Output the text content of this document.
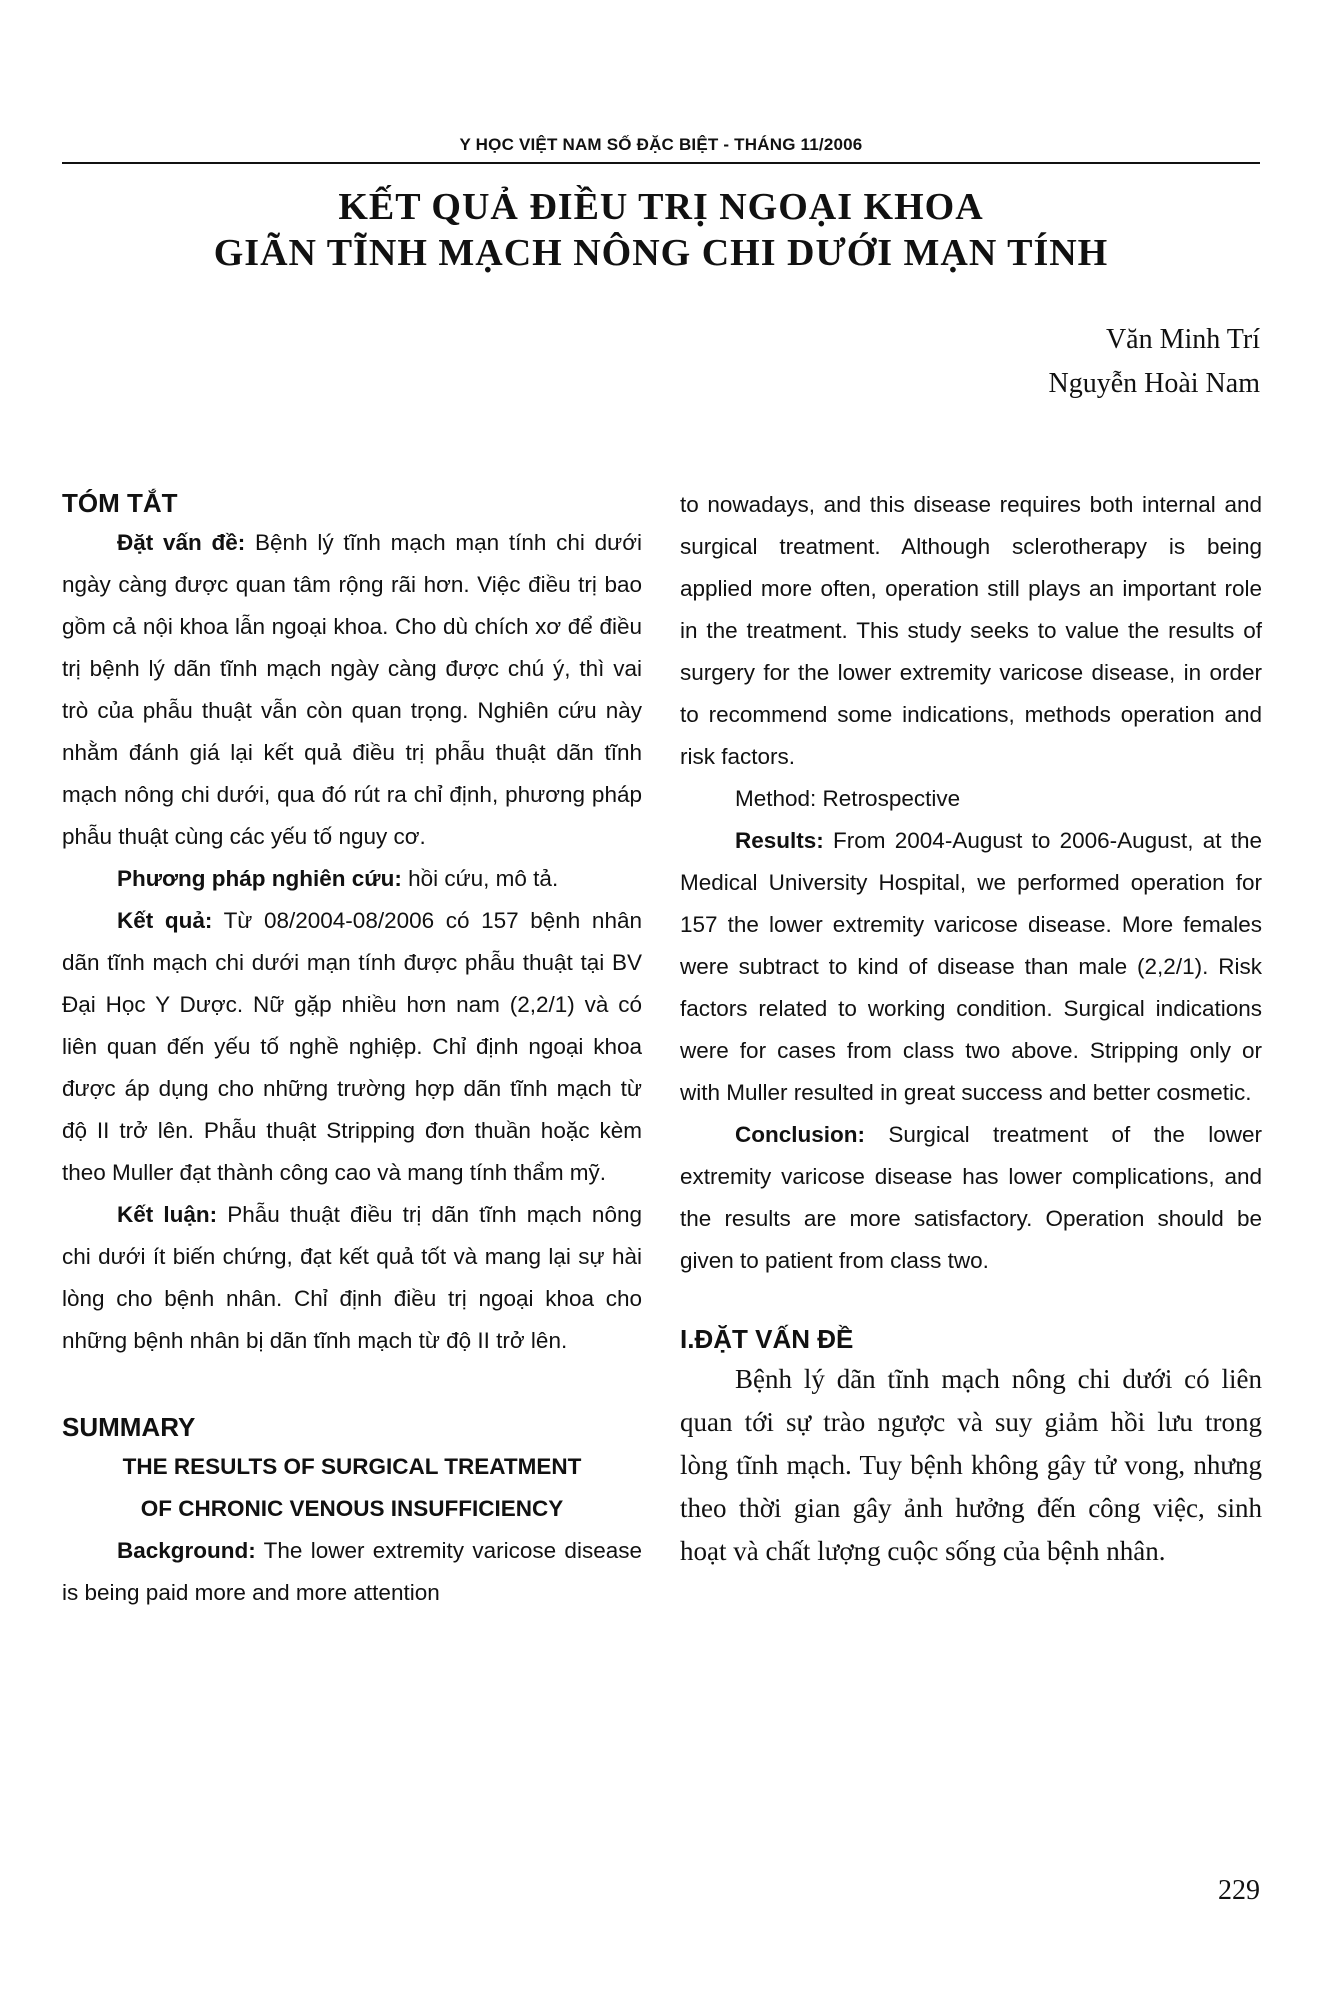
Y HỌC VIỆT NAM SỐ ĐẶC BIỆT - THÁNG 11/2006
KẾT QUẢ ĐIỀU TRỊ NGOẠI KHOA
GIÃN TĨNH MẠCH NÔNG CHI DƯỚI MẠN TÍNH
Văn Minh Trí
Nguyễn Hoài Nam

TÓM TẮT

Đặt vấn đề: Bệnh lý tĩnh mạch mạn tính chi dưới ngày càng được quan tâm rộng rãi hơn. Việc điều trị bao gồm cả nội khoa lẫn ngoại khoa. Cho dù chích xơ để điều trị bệnh lý dãn tĩnh mạch ngày càng được chú ý, thì vai trò của phẫu thuật vẫn còn quan trọng. Nghiên cứu này nhằm đánh giá lại kết quả điều trị phẫu thuật dãn tĩnh mạch nông chi dưới, qua đó rút ra chỉ định, phương pháp phẫu thuật cùng các yếu tố nguy cơ.

Phương pháp nghiên cứu: hồi cứu, mô tả.

Kết quả: Từ 08/2004-08/2006 có 157 bệnh nhân dãn tĩnh mạch chi dưới mạn tính được phẫu thuật tại BV Đại Học Y Dược. Nữ gặp nhiều hơn nam (2,2/1) và có liên quan đến yếu tố nghề nghiệp. Chỉ định ngoại khoa được áp dụng cho những trường hợp dãn tĩnh mạch từ độ II trở lên. Phẫu thuật Stripping đơn thuần hoặc kèm theo Muller đạt thành công cao và mang tính thẩm mỹ.

Kết luận: Phẫu thuật điều trị dãn tĩnh mạch nông chi dưới ít biến chứng, đạt kết quả tốt và mang lại sự hài lòng cho bệnh nhân. Chỉ định điều trị ngoại khoa cho những bệnh nhân bị dãn tĩnh mạch từ độ II trở lên.

SUMMARY

THE RESULTS OF SURGICAL TREATMENT

OF CHRONIC VENOUS INSUFFICIENCY

Background: The lower extremity varicose disease is being paid more and more attention

to nowadays, and this disease requires both internal and surgical treatment. Although sclerotherapy is being applied more often, operation still plays an important role in the treatment. This study seeks to value the results of surgery for the lower extremity varicose disease, in order to recommend some indications, methods operation and risk factors.

Method: Retrospective

Results: From 2004-August to 2006-August, at the Medical University Hospital, we performed operation for 157 the lower extremity varicose disease. More females were subtract to kind of disease than male (2,2/1). Risk factors related to working condition. Surgical indications were for cases from class two above. Stripping only or with Muller resulted in great success and better cosmetic.

Conclusion: Surgical treatment of the lower extremity varicose disease has lower complications, and the results are more satisfactory. Operation should be given to patient from class two.

I.ĐẶT VẤN ĐỀ

Bệnh lý dãn tĩnh mạch nông chi dưới có liên quan tới sự trào ngược và suy giảm hồi lưu trong lòng tĩnh mạch. Tuy bệnh không gây tử vong, nhưng theo thời gian gây ảnh hưởng đến công việc, sinh hoạt và chất lượng cuộc sống của bệnh nhân.

229
